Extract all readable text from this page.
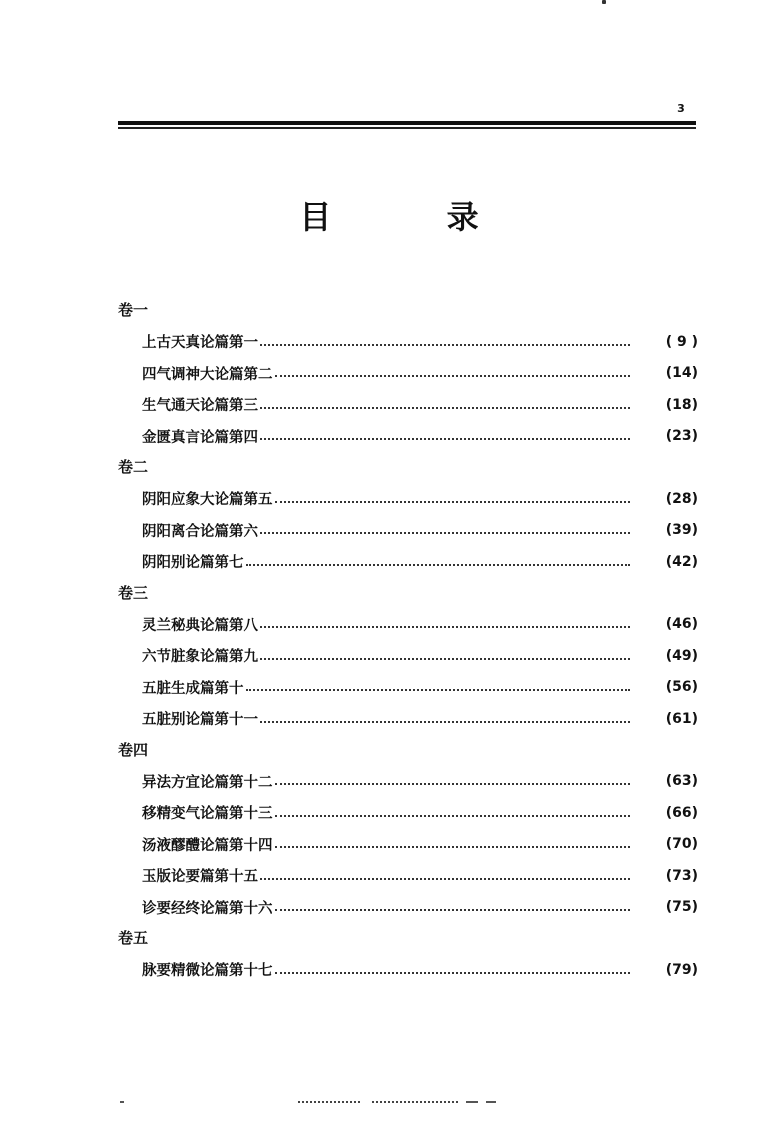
3
目 录
卷一
上古天真论篇第一	( 9 )
四气调神大论篇第二	(14)
生气通天论篇第三	(18)
金匮真言论篇第四	(23)
卷二
阴阳应象大论篇第五	(28)
阴阳离合论篇第六	(39)
阴阳别论篇第七	(42)
卷三
灵兰秘典论篇第八	(46)
六节脏象论篇第九	(49)
五脏生成篇第十	(56)
五脏别论篇第十一	(61)
卷四
异法方宜论篇第十二	(63)
移精变气论篇第十三	(66)
汤液醪醴论篇第十四	(70)
玉版论要篇第十五	(73)
诊要经终论篇第十六	(75)
卷五
脉要精微论篇第十七	(79)
